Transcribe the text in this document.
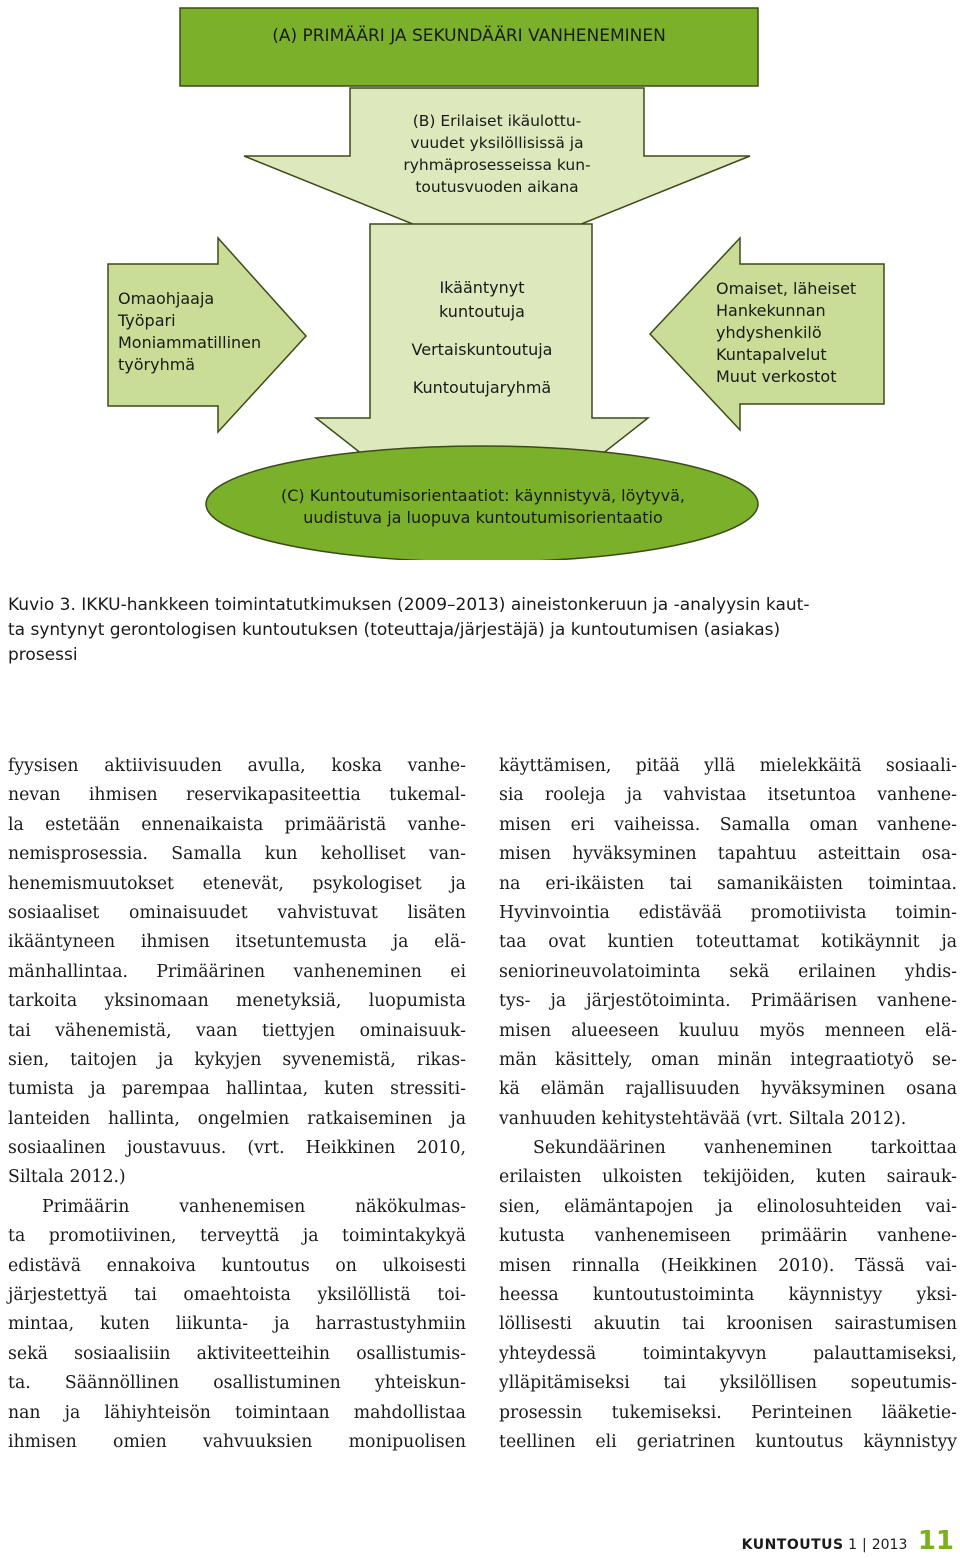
(A) PRIMÄÄRI JA SEKUNDÄÄRI VANHENEMINEN
(B) Erilaiset ikäulottu-
vuudet yksilöllisissä ja
ryhmäprosesseissa kun-
toutusvuoden aikana
Ikääntynyt
kuntoutuja
Vertaiskuntoutuja
Kuntoutujaryhmä
Omaohjaaja
Työpari
Moniammatillinen
työryhmä
Omaiset, läheiset
Hankekunnan
yhdyshenkilö
Kuntapalvelut
Muut verkostot
(C) Kuntoutumisorientaatiot: käynnistyvä, löytyvä,
uudistuva ja luopuva kuntoutumisorientaatio
Kuvio 3. IKKU-hankkeen toimintatutkimuksen (2009–2013) aineistonkeruun ja -analyysin kaut-
ta syntynyt gerontologisen kuntoutuksen (toteuttaja/järjestäjä) ja kuntoutumisen (asiakas)
prosessi
fyysisen aktiivisuuden avulla, koska vanhe-
nevan ihmisen reservikapasiteettia tukemal-
la estetään ennenaikaista primääristä vanhe-
nemisprosessia. Samalla kun keholliset van-
henemismuutokset etenevät, psykologiset ja
sosiaaliset ominaisuudet vahvistuvat lisäten
ikääntyneen ihmisen itsetuntemusta ja elä-
mänhallintaa. Primäärinen vanheneminen ei
tarkoita yksinomaan menetyksiä, luopumista
tai vähenemistä, vaan tiettyjen ominaisuuk-
sien, taitojen ja kykyjen syvenemistä, rikas-
tumista ja parempaa hallintaa, kuten stressiti-
lanteiden hallinta, ongelmien ratkaiseminen ja
sosiaalinen joustavuus. (vrt. Heikkinen 2010,
Siltala 2012.)
Primäärin vanhenemisen näkökulmas-
ta promotiivinen, terveyttä ja toimintakykyä
edistävä ennakoiva kuntoutus on ulkoisesti
järjestettyä tai omaehtoista yksilöllistä toi-
mintaa, kuten liikunta- ja harrastustyhmiin
sekä sosiaalisiin aktiviteetteihin osallistumis-
ta. Säännöllinen osallistuminen yhteiskun-
nan ja lähiyhteisön toimintaan mahdollistaa
ihmisen omien vahvuuksien monipuolisen
käyttämisen, pitää yllä mielekkäitä sosiaali-
sia rooleja ja vahvistaa itsetuntoa vanhene-
misen eri vaiheissa. Samalla oman vanhene-
misen hyväksyminen tapahtuu asteittain osa-
na eri-ikäisten tai samanikäisten toimintaa.
Hyvinvointia edistävää promotiivista toimin-
taa ovat kuntien toteuttamat kotikäynnit ja
seniorineuvolatoiminta sekä erilainen yhdis-
tys- ja järjestötoiminta. Primäärisen vanhene-
misen alueeseen kuuluu myös menneen elä-
män käsittely, oman minän integraatiotyö se-
kä elämän rajallisuuden hyväksyminen osana
vanhuuden kehitystehtävää (vrt. Siltala 2012).
Sekundäärinen vanheneminen tarkoittaa
erilaisten ulkoisten tekijöiden, kuten sairauk-
sien, elämäntapojen ja elinolosuhteiden vai-
kutusta vanhenemiseen primäärin vanhene-
misen rinnalla (Heikkinen 2010). Tässä vai-
heessa kuntoutustoiminta käynnistyy yksi-
löllisesti akuutin tai kroonisen sairastumisen
yhteydessä toimintakyvyn palauttamiseksi,
ylläpitämiseksi tai yksilöllisen sopeutumis-
prosessin tukemiseksi. Perinteinen lääketie-
teellinen eli geriatrinen kuntoutus käynnistyy
KUNTOUTUS 1 | 2013 11
